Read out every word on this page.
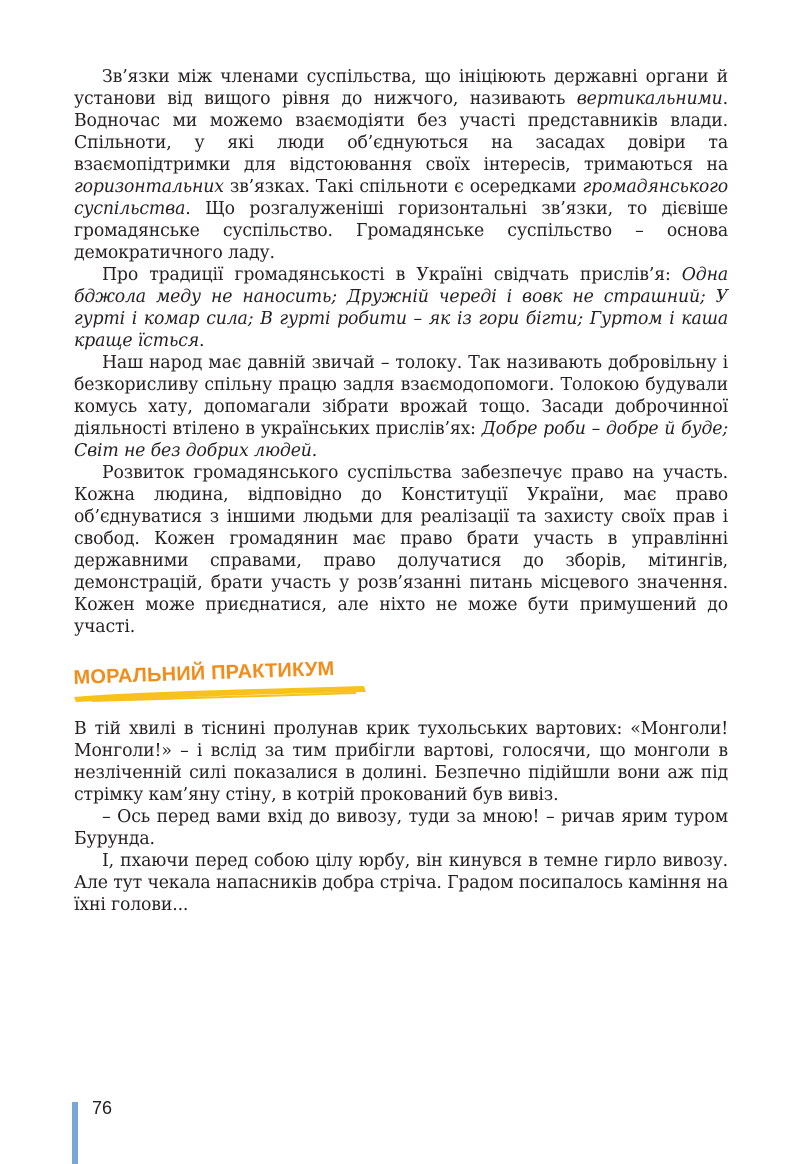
Зв’язки між членами суспільства, що ініціюють державні органи й установи від вищого рівня до нижчого, називають вертикальними. Водночас ми можемо взаємодіяти без участі представників влади. Спільноти, у які люди об’єднуються на засадах довіри та взаємопідтримки для відстоювання своїх інтересів, тримаються на горизонтальних зв’язках. Такі спільноти є осередками громадянського суспільства. Що розгалуженіші горизонтальні зв’язки, то дієвіше громадянське суспільство. Громадянське суспільство – основа демократичного ладу.

Про традиції громадянськості в Україні свідчать прислів’я: Одна бджола меду не наносить; Дружній череді і вовк не страшний; У гурті і комар сила; В гурті робити – як із гори бігти; Гуртом і каша краще їсться.

Наш народ має давній звичай – толоку. Так називають добровільну і безкорисливу спільну працю задля взаємодопомоги. Толокою будували комусь хату, допомагали зібрати врожай тощо. Засади доброчинної діяльності втілено в українських прислів’ях: Добре роби – добре й буде; Світ не без добрих людей.

Розвиток громадянського суспільства забезпечує право на участь. Кожна людина, відповідно до Конституції України, має право об’єднуватися з іншими людьми для реалізації та захисту своїх прав і свобод. Кожен громадянин має право брати участь в управлінні державними справами, право долучатися до зборів, мітингів, демонстрацій, брати участь у розв’язанні питань місцевого значення. Кожен може приєднатися, але ніхто не може бути примушений до участі.

МОРАЛЬНИЙ ПРАКТИКУМ

В тій хвилі в тіснині пролунав крик тухольських вартових: «Монголи! Монголи!» – і вслід за тим прибігли вартові, голосячи, що монголи в незліченній силі показалися в долині. Безпечно підійшли вони аж під стрімку кам’яну стіну, в котрій прокований був вивіз.

– Ось перед вами вхід до вивозу, туди за мною! – ричав ярим туром Бурунда.

І, пхаючи перед собою цілу юрбу, він кинувся в темне гирло вивозу. Але тут чекала напасників добра стріча. Градом посипалось каміння на їхні голови...

76
